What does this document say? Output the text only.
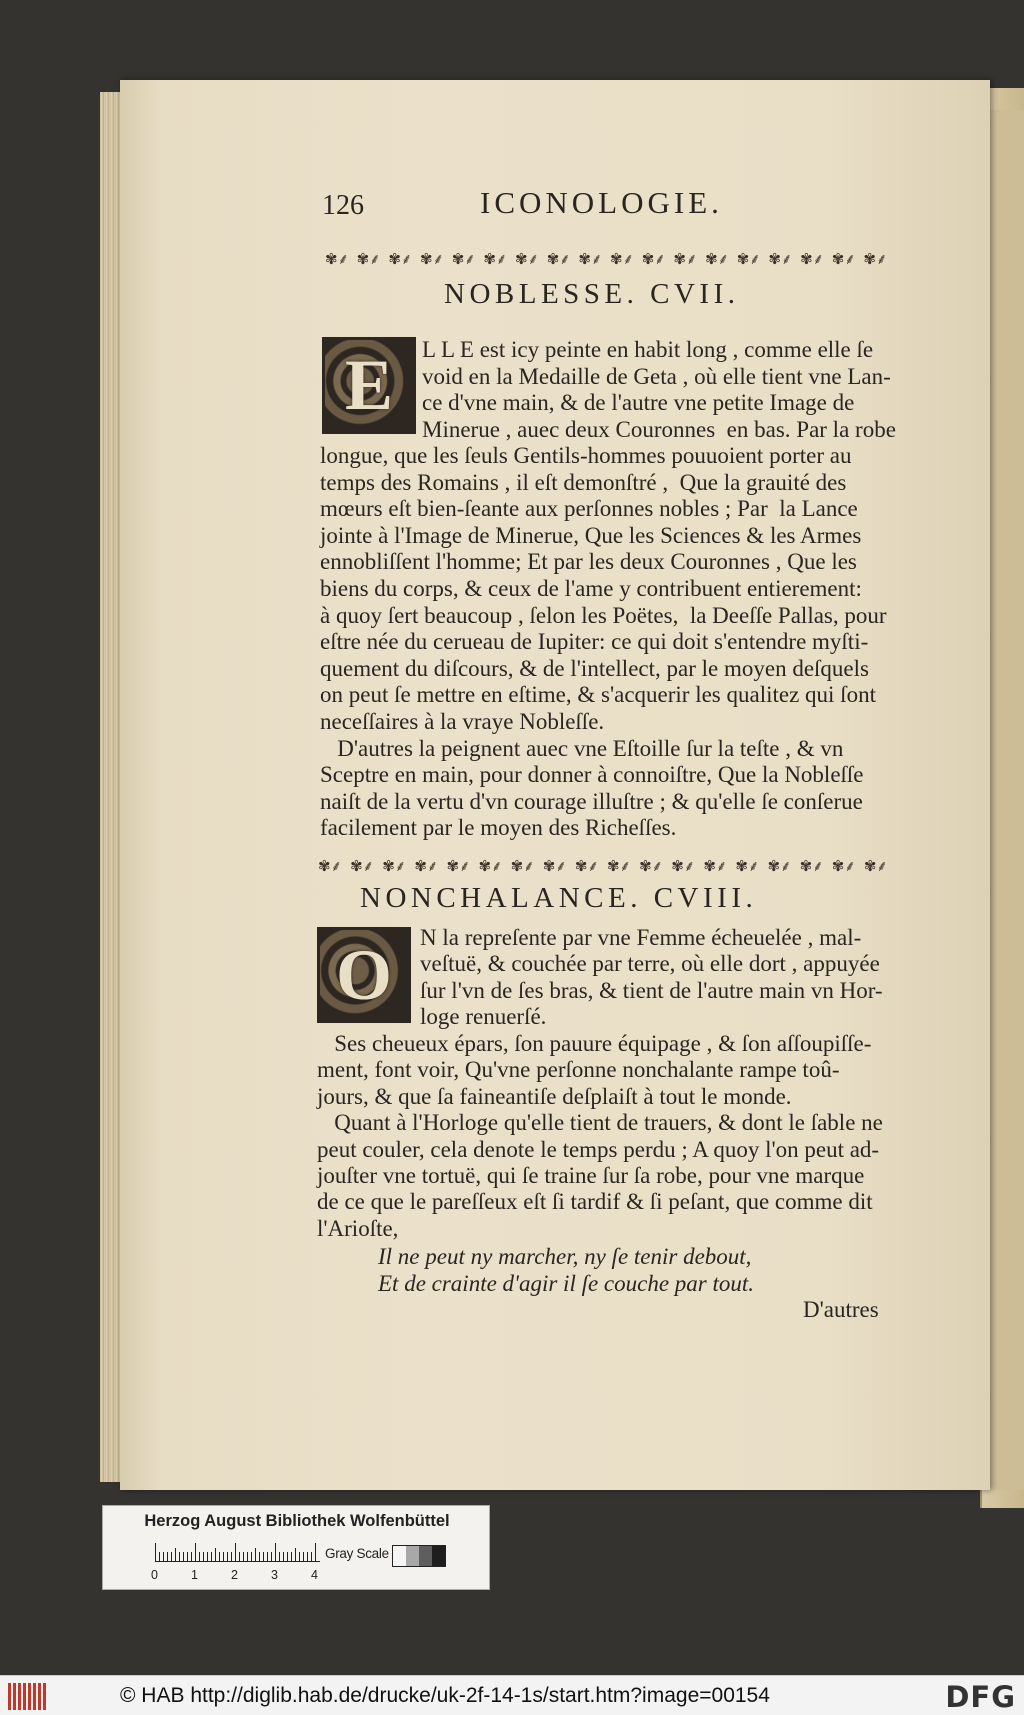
126	ICONOLOGIE.
✾⸙ ✾⸙ ✾⸙ ✾⸙ ✾⸙ ✾⸙ ✾⸙ ✾⸙ ✾⸙ ✾⸙ ✾⸙ ✾⸙ ✾⸙ ✾⸙ ✾⸙ ✾⸙ ✾⸙ ✾⸙
NOBLESSE. CVII.
E L L E est icy peinte en habit long , comme elle ſe
void en la Medaille de Geta , où elle tient vne Lan-
ce d'vne main, & de l'autre vne petite Image de
Minerue , auec deux Couronnes  en bas. Par la robe
longue, que les ſeuls Gentils-hommes pouuoient porter au
temps des Romains , il eſt demonſtré ,  Que la grauité des
mœurs eſt bien-ſeante aux perſonnes nobles ; Par  la Lance
jointe à l'Image de Minerue, Que les Sciences & les Armes
ennobliſſent l'homme; Et par les deux Couronnes , Que les
biens du corps, & ceux de l'ame y contribuent entierement:
à quoy ſert beaucoup , ſelon les Poëtes,  la Deeſſe Pallas, pour
eſtre née du cerueau de Iupiter: ce qui doit s'entendre myſti-
quement du diſcours, & de l'intellect, par le moyen deſquels
on peut ſe mettre en eſtime, & s'acquerir les qualitez qui ſont
neceſſaires à la vraye Nobleſſe.
D'autres la peignent auec vne Eſtoille ſur la teſte , & vn
Sceptre en main, pour donner à connoiſtre, Que la Nobleſſe
naiſt de la vertu d'vn courage illuſtre ; & qu'elle ſe conſerue
facilement par le moyen des Richeſſes.
✾⸙ ✾⸙ ✾⸙ ✾⸙ ✾⸙ ✾⸙ ✾⸙ ✾⸙ ✾⸙ ✾⸙ ✾⸙ ✾⸙ ✾⸙ ✾⸙ ✾⸙ ✾⸙ ✾⸙ ✾⸙
NONCHALANCE. CVIII.
O N la repreſente par vne Femme écheuelée , mal-
veſtuë, & couchée par terre, où elle dort , appuyée
ſur l'vn de ſes bras, & tient de l'autre main vn Hor-
loge renuerſé.
Ses cheueux épars, ſon pauure équipage , & ſon aſſoupiſſe-
ment, font voir, Qu'vne perſonne nonchalante rampe toû-
jours, & que ſa faineantiſe deſplaiſt à tout le monde.
Quant à l'Horloge qu'elle tient de trauers, & dont le ſable ne
peut couler, cela denote le temps perdu ; A quoy l'on peut ad-
jouſter vne tortuë, qui ſe traine ſur ſa robe, pour vne marque
de ce que le pareſſeux eſt ſi tardif & ſi peſant, que comme dit
l'Arioſte,
Il ne peut ny marcher, ny ſe tenir debout,
Et de crainte d'agir il ſe couche par tout.
D'autres
Herzog August Bibliothek Wolfenbüttel
0	1	2	3	4
Gray Scale
© HAB http://diglib.hab.de/drucke/uk-2f-14-1s/start.htm?image=00154	DFG
